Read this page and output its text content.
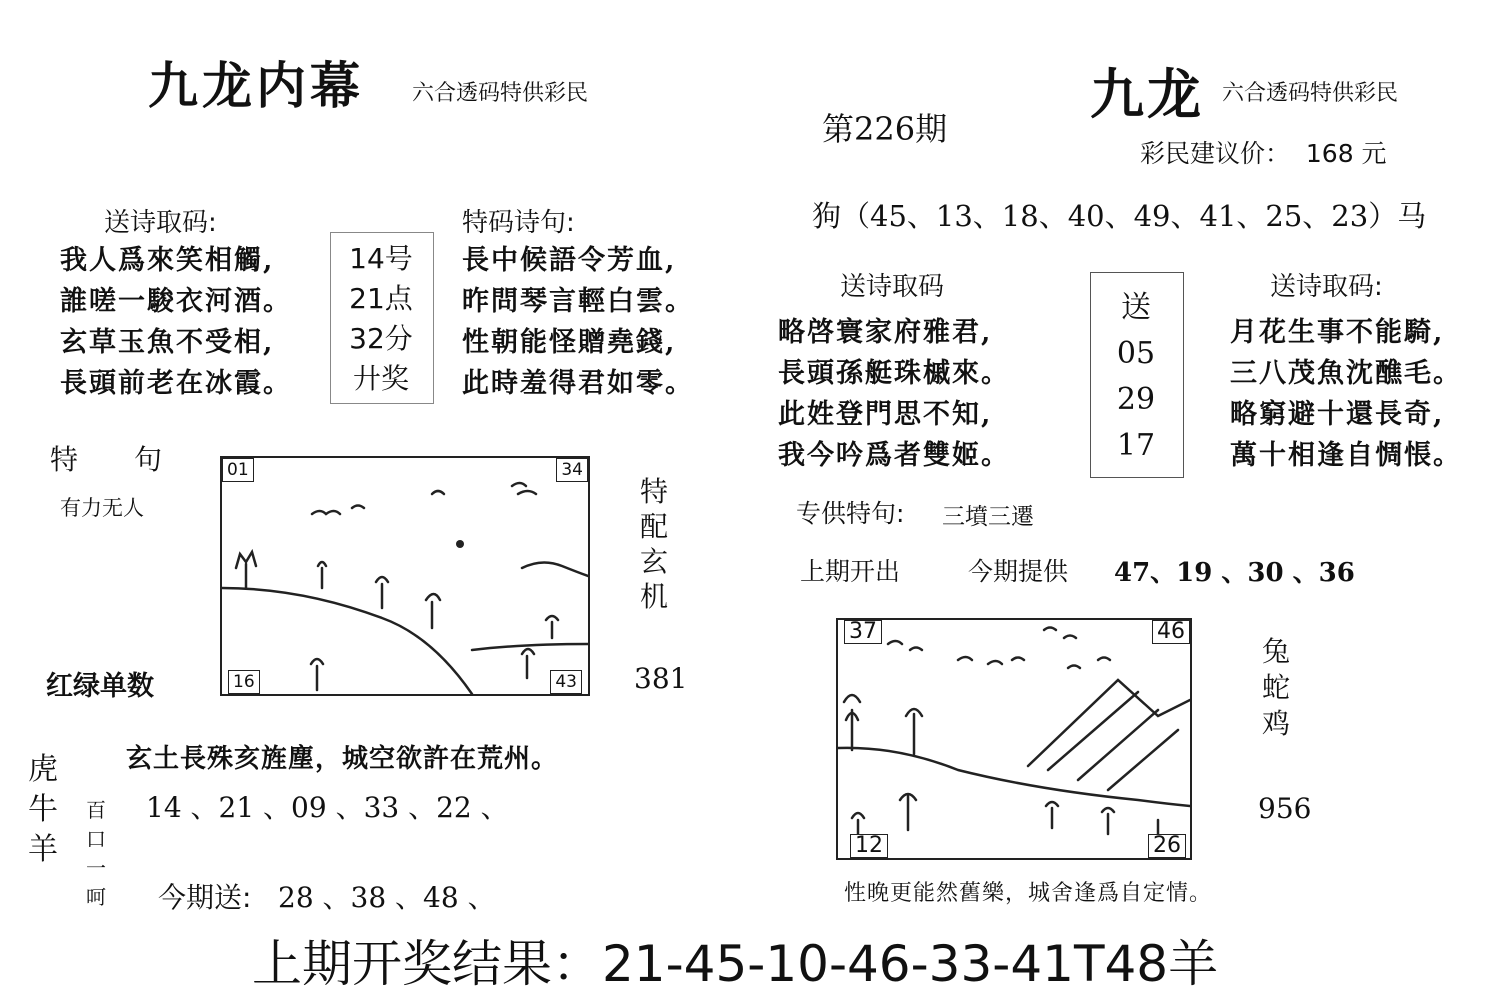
九龙内幕 六合透码特供彩民
送诗取码:
我人爲來笑相觸,
誰嗟一駿衣河酒。
玄草玉魚不受相,
長頭前老在冰霞。
14号
21点
32分
廾奖
特码诗句:
長中候語令芳血,
昨問琴言輕白雲。
性朝能怪贈堯錢,
此時羞得君如零。
特　　句
有力无人
红绿单数
01	34
16	43
特
配
玄
机
381
玄土長殊亥旌塵，城空欲許在荒州。
虎
牛
羊
百
口
一
呵
14 、21 、09 、33 、22 、
今期送: 28 、38 、48 、
第226期
九龙 六合透码特供彩民
彩民建议价：  168 元
狗（45、13、18、40、49、41、25、23）马
送诗取码
略啓寰家府雅君,
長頭孫艇珠槭來。
此姓登門思不知,
我今吟爲者雙姬。
送
05
29
17
送诗取码:
月花生事不能騎,
三八茂魚沈醮毛。
略窮避十還長奇,
萬十相逢自惆悵。
专供特句: 三墳三遷
上期开出	今期提供 47、19 、30 、36
37	46
12	26
兔
蛇
鸡
956
性晚更能然舊樂，城舍逢爲自定情。
上期开奖结果：21-45-10-46-33-41T48羊
